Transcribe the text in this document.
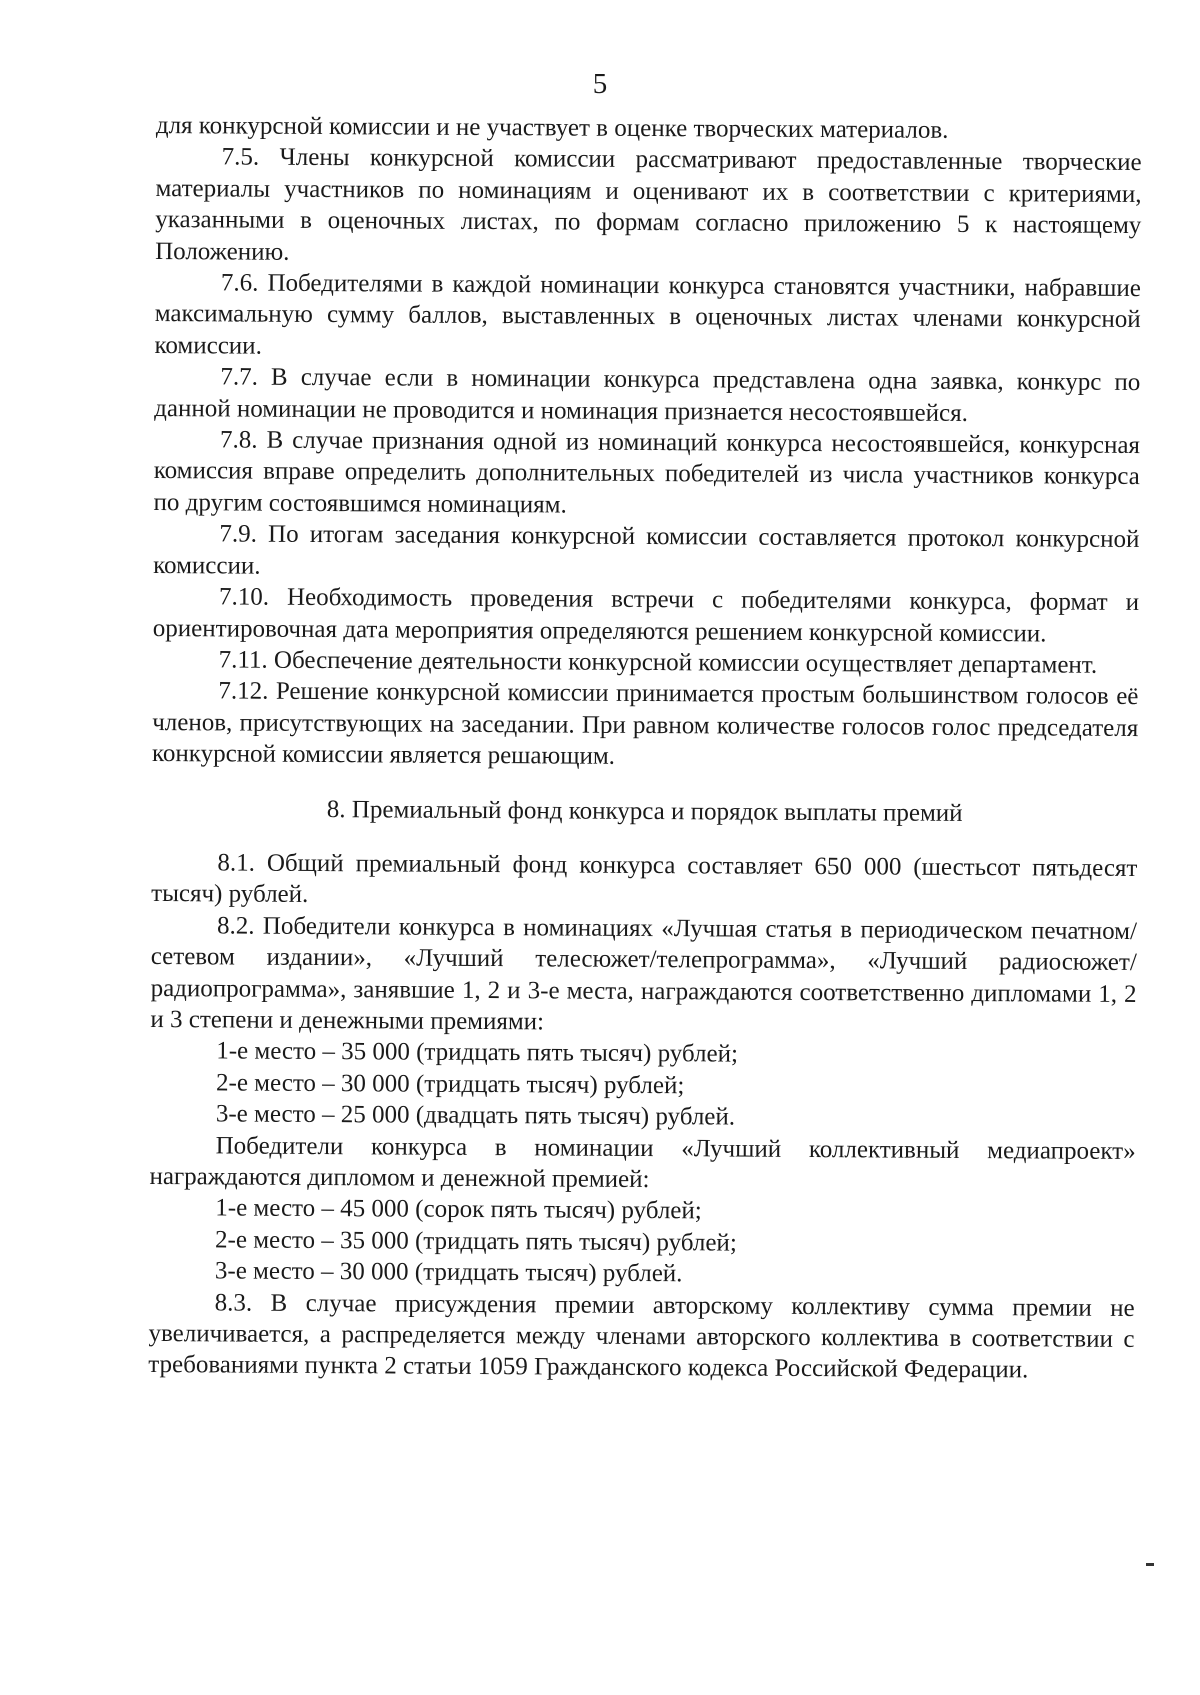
5

для конкурсной комиссии и не участвует в оценке творческих материалов.

7.5. Члены конкурсной комиссии рассматривают предоставленные творческие материалы участников по номинациям и оценивают их в соответствии с критериями, указанными в оценочных листах, по формам согласно приложению 5 к настоящему Положению.

7.6. Победителями в каждой номинации конкурса становятся участники, набравшие максимальную сумму баллов, выставленных в оценочных листах членами конкурсной комиссии.

7.7. В случае если в номинации конкурса представлена одна заявка, конкурс по данной номинации не проводится и номинация признается несостоявшейся.

7.8. В случае признания одной из номинаций конкурса несостоявшейся, конкурсная комиссия вправе определить дополнительных победителей из числа участников конкурса по другим состоявшимся номинациям.

7.9. По итогам заседания конкурсной комиссии составляется протокол конкурсной комиссии.

7.10. Необходимость проведения встречи с победителями конкурса, формат и ориентировочная дата мероприятия определяются решением конкурсной комиссии.

7.11. Обеспечение деятельности конкурсной комиссии осуществляет департамент.

7.12. Решение конкурсной комиссии принимается простым большинством голосов её членов, присутствующих на заседании. При равном количестве голосов голос председателя конкурсной комиссии является решающим.

8. Премиальный фонд конкурса и порядок выплаты премий

8.1. Общий премиальный фонд конкурса составляет 650 000 (шестьсот пятьдесят тысяч) рублей.

8.2. Победители конкурса в номинациях «Лучшая статья в периодическом печатном/сетевом издании», «Лучший телесюжет/телепрограмма», «Лучший радиосюжет/радиопрограмма», занявшие 1, 2 и 3-е места, награждаются соответственно дипломами 1, 2 и 3 степени и денежными премиями:

1-е место – 35 000 (тридцать пять тысяч) рублей;

2-е место – 30 000 (тридцать тысяч) рублей;

3-е место – 25 000 (двадцать пять тысяч) рублей.

Победители конкурса в номинации «Лучший коллективный медиапроект» награждаются дипломом и денежной премией:

1-е место – 45 000 (сорок пять тысяч) рублей;

2-е место – 35 000 (тридцать пять тысяч) рублей;

3-е место – 30 000 (тридцать тысяч) рублей.

8.3. В случае присуждения премии авторскому коллективу сумма премии не увеличивается, а распределяется между членами авторского коллектива в соответствии с требованиями пункта 2 статьи 1059 Гражданского кодекса Российской Федерации.
